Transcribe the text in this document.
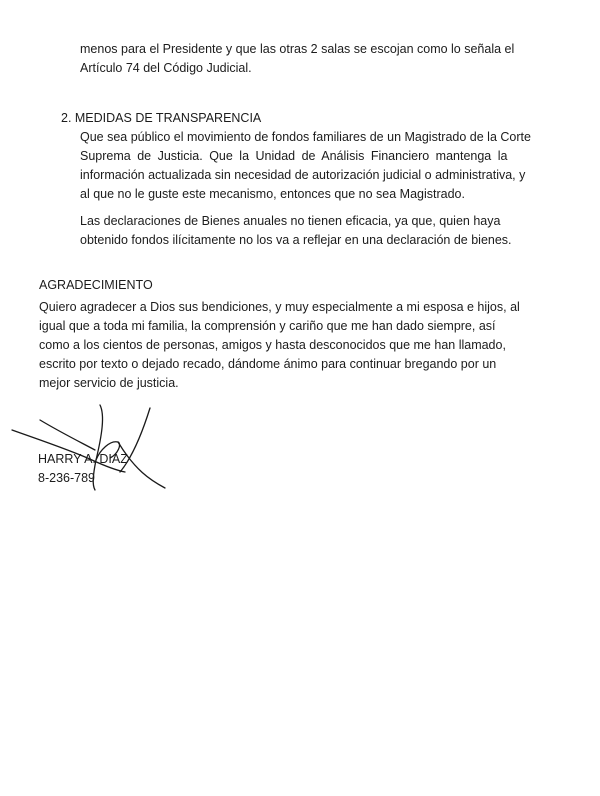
menos para el Presidente y que las otras 2 salas se escojan como lo señala el
Artículo 74 del Código Judicial.

2. MEDIDAS DE TRANSPARENCIA

Que sea público el movimiento de fondos familiares de un Magistrado de la Corte
Suprema de Justicia. Que la Unidad de Análisis Financiero mantenga la
información actualizada sin necesidad de autorización judicial o administrativa, y
al que no le guste este mecanismo, entonces que no sea Magistrado.

Las declaraciones de Bienes anuales no tienen eficacia, ya que, quien haya
obtenido fondos ilícitamente no los va a reflejar en una declaración de bienes.

AGRADECIMIENTO

Quiero agradecer a Dios sus bendiciones, y muy especialmente a mi esposa e hijos, al
igual que a toda mi familia, la comprensión y cariño que me han dado siempre, así
como a los cientos de personas, amigos y hasta desconocidos que me han llamado,
escrito por texto o dejado recado, dándome ánimo para continuar bregando por un
mejor servicio de justicia.

HARRY A. DIAZ
8-236-789
